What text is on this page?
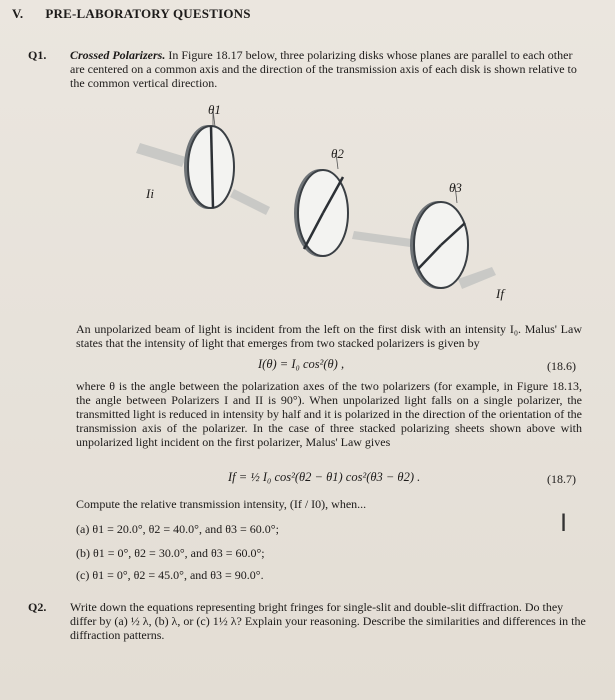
V. PRE-LABORATORY QUESTIONS
Q1. Crossed Polarizers. In Figure 18.17 below, three polarizing disks whose planes are parallel to each other are centered on a common axis and the direction of the transmission axis of each disk is shown relative to the common vertical direction.
θ1
θ2
θ3
Ii
If
An unpolarized beam of light is incident from the left on the first disk with an intensity I₀. Malus' Law states that the intensity of light that emerges from two stacked polarizers is given by
I(θ) = I₀ cos²(θ) ,	(18.6)
where θ is the angle between the polarization axes of the two polarizers (for example, in Figure 18.13, the angle between Polarizers I and II is 90°). When unpolarized light falls on a single polarizer, the transmitted light is reduced in intensity by half and it is polarized in the direction of the orientation of the transmission axis of the polarizer. In the case of three stacked polarizing sheets shown above with unpolarized light incident on the first polarizer, Malus' Law gives
If = ½ I₀ cos²(θ2 − θ1) cos²(θ3 − θ2) .	(18.7)
Compute the relative transmission intensity, (If / I0), when...
(a) θ1 = 20.0°, θ2 = 40.0°, and θ3 = 60.0°;
(b) θ1 = 0°, θ2 = 30.0°, and θ3 = 60.0°;
(c) θ1 = 0°, θ2 = 45.0°, and θ3 = 90.0°.
I
Q2. Write down the equations representing bright fringes for single-slit and double-slit diffraction. Do they differ by (a) ½ λ, (b) λ, or (c) 1½ λ? Explain your reasoning. Describe the similarities and differences in the diffraction patterns.
